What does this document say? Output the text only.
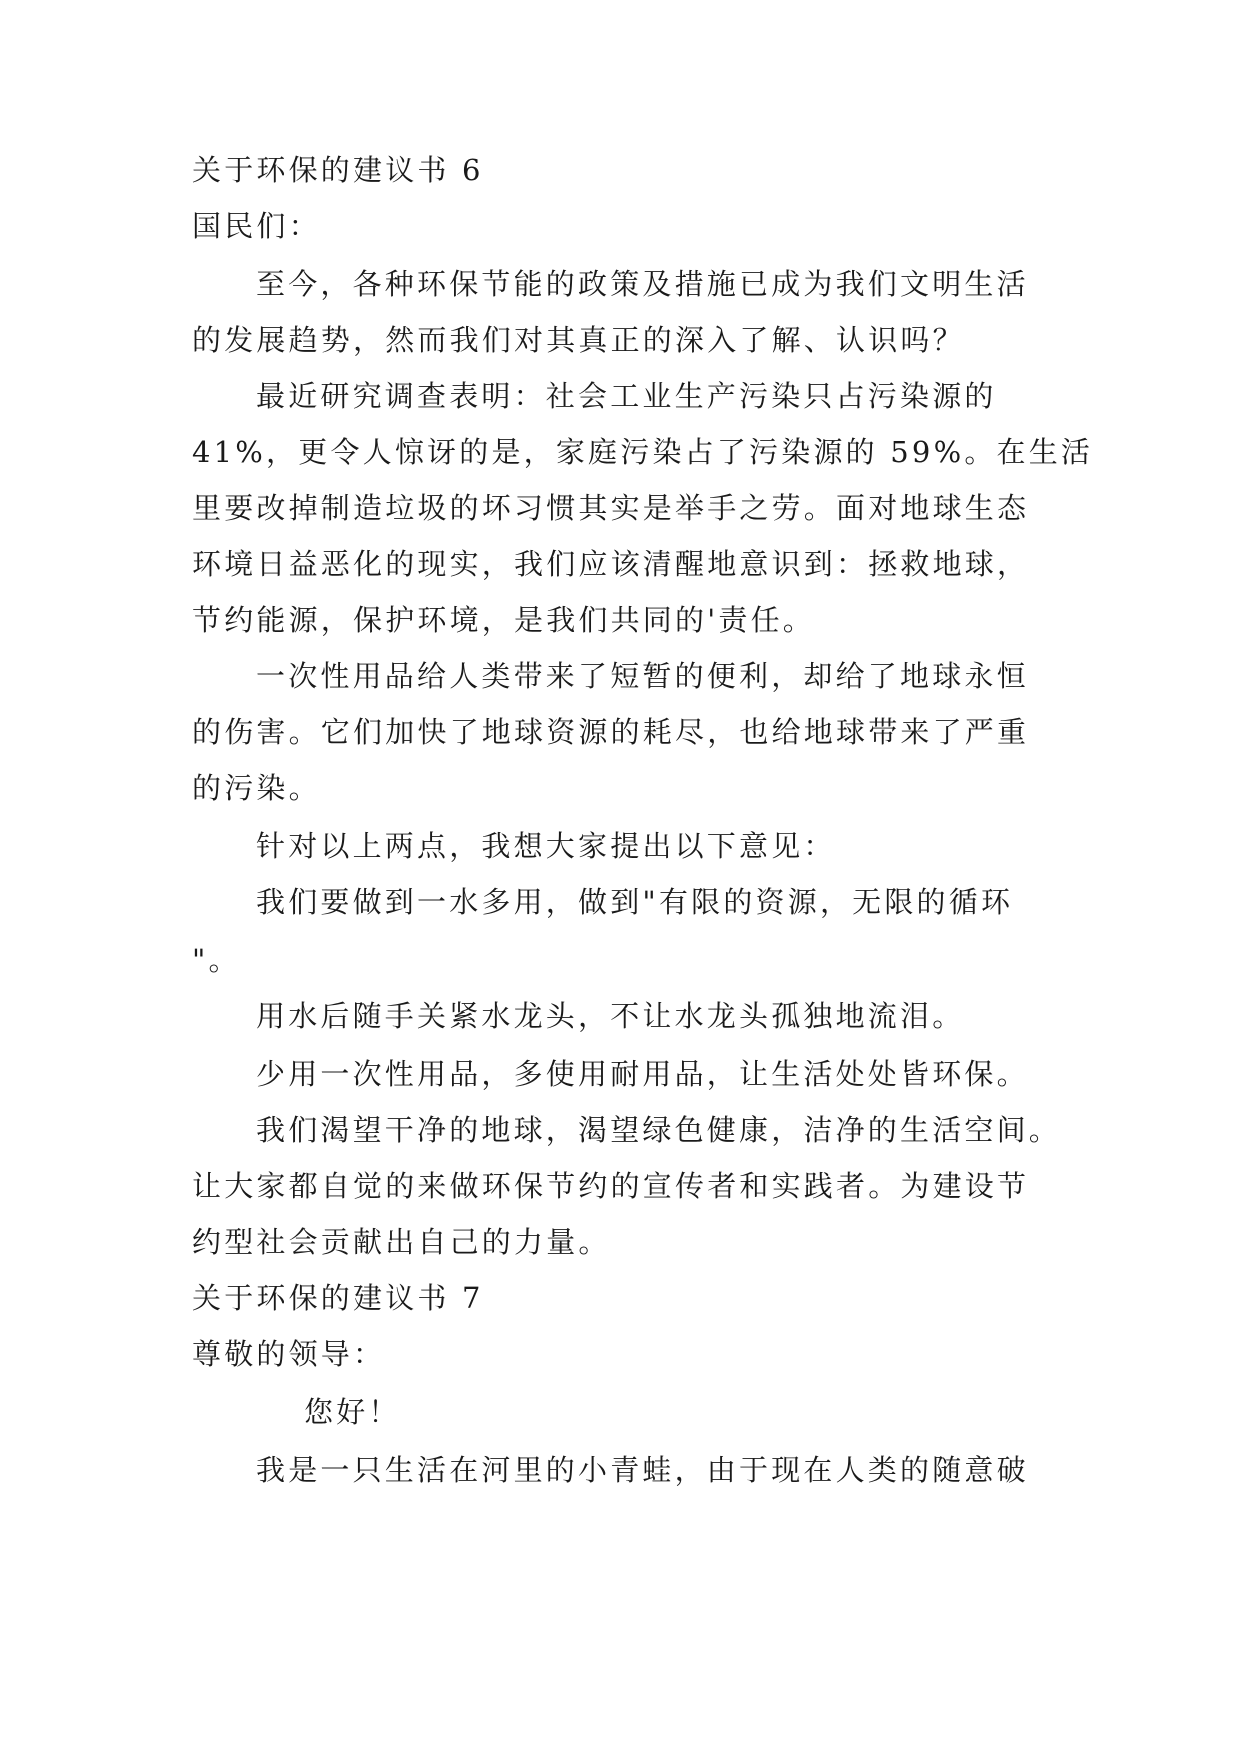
关于环保的建议书 6
国民们：
至今，各种环保节能的政策及措施已成为我们文明生活
的发展趋势，然而我们对其真正的深入了解、认识吗？
最近研究调查表明：社会工业生产污染只占污染源的
41%，更令人惊讶的是，家庭污染占了污染源的 59%。在生活
里要改掉制造垃圾的坏习惯其实是举手之劳。面对地球生态
环境日益恶化的现实，我们应该清醒地意识到：拯救地球，
节约能源，保护环境，是我们共同的'责任。
一次性用品给人类带来了短暂的便利，却给了地球永恒
的伤害。它们加快了地球资源的耗尽，也给地球带来了严重
的污染。
针对以上两点，我想大家提出以下意见：
我们要做到一水多用，做到"有限的资源，无限的循环
"。
用水后随手关紧水龙头，不让水龙头孤独地流泪。
少用一次性用品，多使用耐用品，让生活处处皆环保。
我们渴望干净的地球，渴望绿色健康，洁净的生活空间。
让大家都自觉的来做环保节约的宣传者和实践者。为建设节
约型社会贡献出自己的力量。
关于环保的建议书 7
尊敬的领导：
您好！
我是一只生活在河里的小青蛙，由于现在人类的随意破
